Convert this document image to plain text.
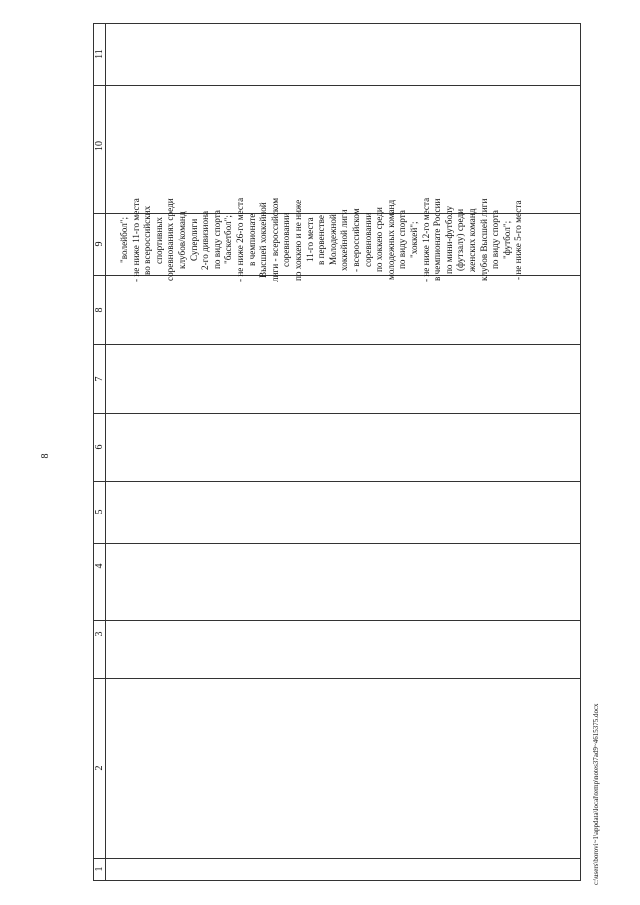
8
1
2
3
4
5
6
7
8
9
10
11
"волейбол"; - не ниже 11-го места во всероссийских спортивных соревнованиях среди клубов/команд Суперлиги 2-го дивизиона по виду спорта "баскетбол"; - не ниже 26-го места в чемпионате Высшей хоккейной лиги - всероссийском соревновании по хоккею и не ниже 11-го места в первенстве Молодежной хоккейной лиги - всероссийском соревновании по хоккею среди молодежных команд по виду спорта "хоккей"; - не ниже 12-го места в чемпионате России по мини-футболу (футзалу) среди женских команд клубов Высшей лиги по виду спорта "футбол"; - не ниже 5-го места
c:\users\borovi~1\appdata\local\temp\notes37ad9~4615375.docx
